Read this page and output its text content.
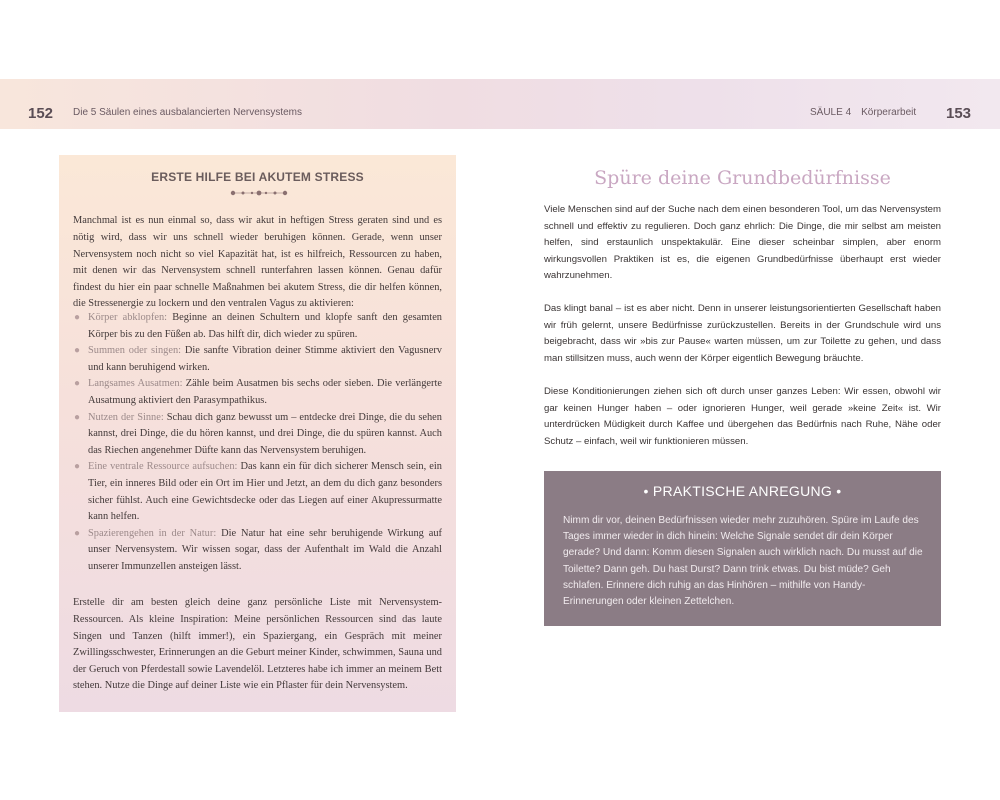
152 Die 5 Säulen eines ausbalancierten Nervensystems	SÄULE 4 Körperarbeit 153
ERSTE HILFE BEI AKUTEM STRESS

Manchmal ist es nun einmal so, dass wir akut in heftigen Stress geraten sind und es nötig wird, dass wir uns schnell wieder beruhigen können. Gerade, wenn unser Nervensystem noch nicht so viel Kapazität hat, ist es hilfreich, Ressourcen zu haben, mit denen wir das Nervensystem schnell runterfahren lassen können. Genau dafür findest du hier ein paar schnelle Maßnahmen bei akutem Stress, die dir helfen können, die Stressenergie zu lockern und den ventralen Vagus zu aktivieren:

● Körper abklopfen: Beginne an deinen Schultern und klopfe sanft den gesamten Körper bis zu den Füßen ab. Das hilft dir, dich wieder zu spüren.
● Summen oder singen: Die sanfte Vibration deiner Stimme aktiviert den Vagusnerv und kann beruhigend wirken.
● Langsames Ausatmen: Zähle beim Ausatmen bis sechs oder sieben. Die verlängerte Ausatmung aktiviert den Parasympathikus.
● Nutzen der Sinne: Schau dich ganz bewusst um – entdecke drei Dinge, die du sehen kannst, drei Dinge, die du hören kannst, und drei Dinge, die du spüren kannst. Auch das Riechen angenehmer Düfte kann das Nervensystem beruhigen.
● Eine ventrale Ressource aufsuchen: Das kann ein für dich sicherer Mensch sein, ein Tier, ein inneres Bild oder ein Ort im Hier und Jetzt, an dem du dich ganz besonders sicher fühlst. Auch eine Gewichtsdecke oder das Liegen auf einer Akupressurmatte kann helfen.
● Spazierengehen in der Natur: Die Natur hat eine sehr beruhigende Wirkung auf unser Nervensystem. Wir wissen sogar, dass der Aufenthalt im Wald die Anzahl unserer Immunzellen ansteigen lässt.

Erstelle dir am besten gleich deine ganz persönliche Liste mit Nervensystem-Ressourcen. Als kleine Inspiration: Meine persönlichen Ressourcen sind das laute Singen und Tanzen (hilft immer!), ein Spaziergang, ein Gespräch mit meiner Zwillingsschwester, Erinnerungen an die Geburt meiner Kinder, schwimmen, Sauna und der Geruch von Pferdestall sowie Lavendelöl. Letzteres habe ich immer an meinem Bett stehen. Nutze die Dinge auf deiner Liste wie ein Pflaster für dein Nervensystem.

Spüre deine Grundbedürfnisse

Viele Menschen sind auf der Suche nach dem einen besonderen Tool, um das Nervensystem schnell und effektiv zu regulieren. Doch ganz ehrlich: Die Dinge, die mir selbst am meisten helfen, sind erstaunlich unspektakulär. Eine dieser scheinbar simplen, aber enorm wirkungsvollen Praktiken ist es, die eigenen Grundbedürfnisse überhaupt erst wieder wahrzunehmen.

Das klingt banal – ist es aber nicht. Denn in unserer leistungsorientierten Gesellschaft haben wir früh gelernt, unsere Bedürfnisse zurückzustellen. Bereits in der Grundschule wird uns beigebracht, dass wir »bis zur Pause« warten müssen, um zur Toilette zu gehen, und dass man stillsitzen muss, auch wenn der Körper eigentlich Bewegung bräuchte.

Diese Konditionierungen ziehen sich oft durch unser ganzes Leben: Wir essen, obwohl wir gar keinen Hunger haben – oder ignorieren Hunger, weil gerade »keine Zeit« ist. Wir unterdrücken Müdigkeit durch Kaffee und übergehen das Bedürfnis nach Ruhe, Nähe oder Schutz – einfach, weil wir funktionieren müssen.

• PRAKTISCHE ANREGUNG •

Nimm dir vor, deinen Bedürfnissen wieder mehr zuzuhören. Spüre im Laufe des Tages immer wieder in dich hinein: Welche Signale sendet dir dein Körper gerade? Und dann: Komm diesen Signalen auch wirklich nach. Du musst auf die Toilette? Dann geh. Du hast Durst? Dann trink etwas. Du bist müde? Geh schlafen. Erinnere dich ruhig an das Hinhören – mithilfe von Handy-Erinnerungen oder kleinen Zettelchen.
